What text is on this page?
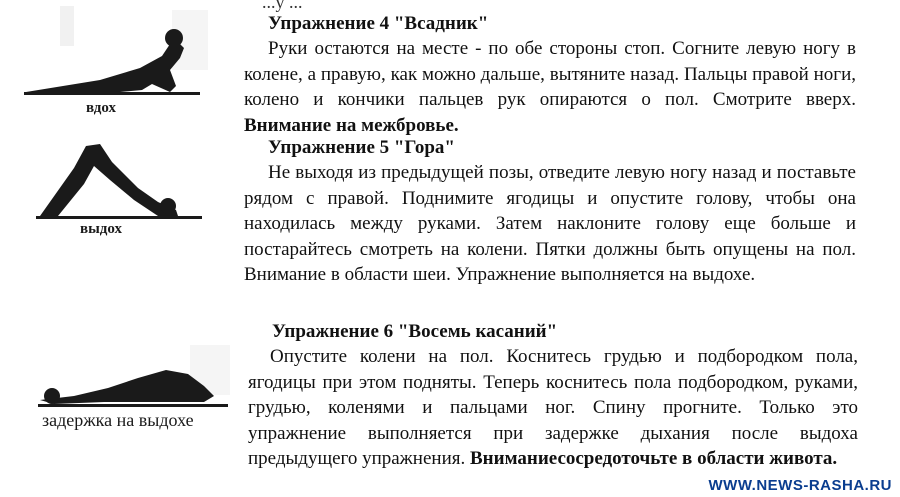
вдох
выдох
задержка на выдохе
...у ...
Упражнение 4 "Всадник"
Руки остаются на месте - по обе стороны стоп. Согните левую ногу в колене, а правую, как можно дальше, вытяните назад. Пальцы правой ноги, колено и кончики пальцев рук опираются о пол. Смотрите вверх. Внимание на межбровье.
Упражнение 5 "Гора"
Не выходя из предыдущей позы, отведите левую ногу назад и поставьте рядом с правой. Поднимите ягодицы и опустите голову, чтобы она находилась между руками. Затем наклоните голову еще больше и постарайтесь смотреть на колени. Пятки должны быть опущены на пол. Внимание в области шеи. Упражнение выполняется на выдохе.
Упражнение 6 "Восемь касаний"
Опустите колени на пол. Коснитесь грудью и подбородком пола, ягодицы при этом подняты. Теперь коснитесь пола подбородком, руками, грудью, коленями и пальцами ног. Спину прогните. Только это упражнение выполняется при задержке дыхания после выдоха предыдущего упражнения. Вниманиесосредоточьте в области живота.
WWW.NEWS-RASHA.RU
